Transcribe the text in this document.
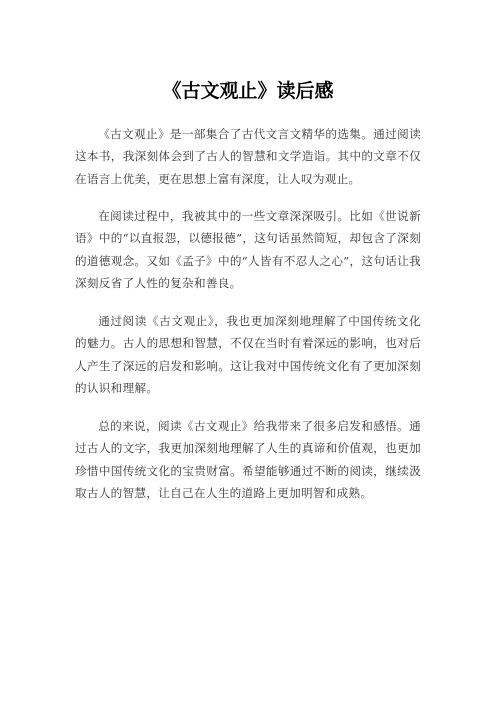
《古文观止》读后感

《古文观止》是一部集合了古代文言文精华的选集。通过阅读这本书，我深刻体会到了古人的智慧和文学造诣。其中的文章不仅在语言上优美，更在思想上富有深度，让人叹为观止。

在阅读过程中，我被其中的一些文章深深吸引。比如《世说新语》中的“以直报怨，以德报德”，这句话虽然简短，却包含了深刻的道德观念。又如《孟子》中的“人皆有不忍人之心”，这句话让我深刻反省了人性的复杂和善良。

通过阅读《古文观止》，我也更加深刻地理解了中国传统文化的魅力。古人的思想和智慧，不仅在当时有着深远的影响，也对后人产生了深远的启发和影响。这让我对中国传统文化有了更加深刻的认识和理解。

总的来说，阅读《古文观止》给我带来了很多启发和感悟。通过古人的文字，我更加深刻地理解了人生的真谛和价值观，也更加珍惜中国传统文化的宝贵财富。希望能够通过不断的阅读，继续汲取古人的智慧，让自己在人生的道路上更加明智和成熟。
